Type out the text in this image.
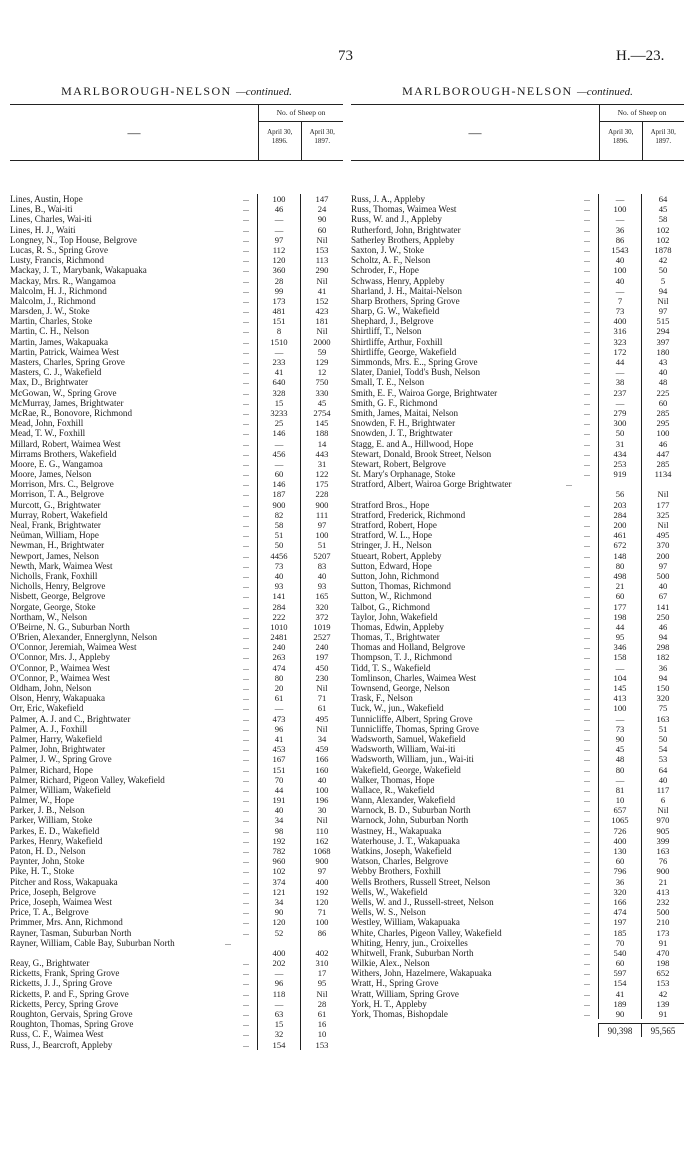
73	H.—23.
MARLBOROUGH-NELSON —continued.
—
No. of Sheep on
April 30, 1896.
April 30, 1897.
Lines, Austin, Hope	...	100	147
Lines, B., Wai-iti	...	46	24
Lines, Charles, Wai-iti	...	—	90
Lines, H. J., Waiti	...	—	60
Longney, N., Top House, Belgrove	...	97	Nil
Lucas, R. S., Spring Grove	...	112	153
Lusty, Francis, Richmond	...	120	113
Mackay, J. T., Marybank, Wakapuaka	...	360	290
Mackay, Mrs. R., Wangamoa	...	28	Nil
Malcolm, H. J., Richmond	...	99	41
Malcolm, J., Richmond	...	173	152
Marsden, J. W., Stoke	...	481	423
Martin, Charles, Stoke	...	151	181
Martin, C. H., Nelson	...	8	Nil
Martin, James, Wakapuaka	...	1510	2000
Martin, Patrick, Waimea West	...	—	59
Masters, Charles, Spring Grove	...	233	129
Masters, C. J., Wakefield	...	41	12
Max, D., Brightwater	...	640	750
McGowan, W., Spring Grove	...	328	330
McMurray, James, Brightwater	...	15	45
McRae, R., Bonovore, Richmond	...	3233	2754
Mead, John, Foxhill	...	25	145
Mead, T. W., Foxhill	...	146	188
Millard, Robert, Waimea West	...	—	14
Mirrams Brothers, Wakefield	...	456	443
Moore, E. G., Wangamoa	...	—	31
Moore, James, Nelson	...	60	122
Morrison, Mrs. C., Belgrove	...	146	175
Morrison, T. A., Belgrove	...	187	228
Murcott, G., Brightwater	...	900	900
Murray, Robert, Wakefield	...	82	111
Neal, Frank, Brightwater	...	58	97
Neüman, William, Hope	...	51	100
Newman, H., Brightwater	...	50	51
Newport, James, Nelson	...	4456	5207
Newth, Mark, Waimea West	...	73	83
Nicholls, Frank, Foxhill	...	40	40
Nicholls, Henry, Belgrove	...	93	93
Nisbett, George, Belgrove	...	141	165
Norgate, George, Stoke	...	284	320
Northam, W., Nelson	...	222	372
O'Beirne, N. G., Suburban North	...	1010	1019
O'Brien, Alexander, Ennerglynn, Nelson	...	2481	2527
O'Connor, Jeremiah, Waimea West	...	240	240
O'Connor, Mrs. J., Appleby	...	263	197
O'Connor, P., Waimea West	...	474	450
O'Connor, P., Waimea West	...	80	230
Oldham, John, Nelson	...	20	Nil
Olson, Henry, Wakapuaka	...	61	71
Orr, Eric, Wakefield	...	—	61
Palmer, A. J. and C., Brightwater	...	473	495
Palmer, A. J., Foxhill	...	96	Nil
Palmer, Harry, Wakefield	...	41	34
Palmer, John, Brightwater	...	453	459
Palmer, J. W., Spring Grove	...	167	166
Palmer, Richard, Hope	...	151	160
Palmer, Richard, Pigeon Valley, Wakefield	...	70	40
Palmer, William, Wakefield	...	44	100
Palmer, W., Hope	...	191	196
Parker, J. B., Nelson	...	40	30
Parker, William, Stoke	...	34	Nil
Parkes, E. D., Wakefield	...	98	110
Parkes, Henry, Wakefield	...	192	162
Paton, H. D., Nelson	...	782	1068
Paynter, John, Stoke	...	960	900
Pike, H. T., Stoke	...	102	97
Pitcher and Ross, Wakapuaka	...	374	400
Price, Joseph, Belgrove	...	121	192
Price, Joseph, Waimea West	...	34	120
Price, T. A., Belgrove	...	90	71
Primmer, Mrs. Ann, Richmond	...	120	100
Rayner, Tasman, Suburban North	...	52	86
Rayner, William, Cable Bay, Suburban North	...
400	402
Reay, G., Brightwater	...	202	310
Ricketts, Frank, Spring Grove	...	—	17
Ricketts, J. J., Spring Grove	...	96	95
Ricketts, P. and F., Spring Grove	...	118	Nil
Ricketts, Percy, Spring Grove	...	—	28
Roughton, Gervais, Spring Grove	...	63	61
Roughton, Thomas, Spring Grove	...	15	16
Russ, C. F., Waimea West	...	32	10
Russ, J., Bearcroft, Appleby	...	154	153
MARLBOROUGH-NELSON —continued.
—
No. of Sheep on
April 30, 1896.
April 30, 1897.
Russ, J. A., Appleby	...	—	64
Russ, Thomas, Waimea West	...	100	45
Russ, W. and J., Appleby	...	—	58
Rutherford, John, Brightwater	...	36	102
Satherley Brothers, Appleby	...	86	102
Saxton, J. W., Stoke	...	1543	1878
Scholtz, A. F., Nelson	...	40	42
Schroder, F., Hope	...	100	50
Schwass, Henry, Appleby	...	40	5
Sharland, J. H., Maitai-Nelson	...	—	94
Sharp Brothers, Spring Grove	...	7	Nil
Sharp, G. W., Wakefield	...	73	97
Shephard, J., Belgrove	...	400	515
Shirtliff, T., Nelson	...	316	294
Shirtliffe, Arthur, Foxhill	...	323	397
Shirtliffe, George, Wakefield	...	172	180
Simmonds, Mrs. E.., Spring Grove	...	44	43
Slater, Daniel, Todd's Bush, Nelson	...	—	40
Small, T. E., Nelson	...	38	48
Smith, E. F., Wairoa Gorge, Brightwater	...	237	225
Smith, G. F., Richmond	...	—	60
Smith, James, Maitai, Nelson	...	279	285
Snowden, F. H., Brightwater	...	300	295
Snowden, J. T., Brightwater	...	50	100
Stagg, E. and A., Hillwood, Hope	...	31	46
Stewart, Donald, Brook Street, Nelson	...	434	447
Stewart, Robert, Belgrove	...	253	285
St. Mary's Orphanage, Stoke	...	919	1134
Stratford, Albert, Wairoa Gorge Brightwater	...
56	Nil
Stratford Bros., Hope	...	203	177
Stratford, Frederick, Richmond	...	284	325
Stratford, Robert, Hope	...	200	Nil
Stratford, W. L., Hope	...	461	495
Stringer, J. H., Nelson	...	672	370
Stueart, Robert, Appleby	...	148	200
Sutton, Edward, Hope	...	80	97
Sutton, John, Richmond	...	498	500
Sutton, Thomas, Richmond	...	21	40
Sutton, W., Richmond	...	60	67
Talbot, G., Richmond	...	177	141
Taylor, John, Wakefield	...	198	250
Thomas, Edwin, Appleby	...	44	46
Thomas, T., Brightwater	...	95	94
Thomas and Holland, Belgrove	...	346	298
Thompson, T. J., Richmond	...	158	182
Tidd, T. S., Wakefield	...	—	36
Tomlinson, Charles, Waimea West	...	104	94
Townsend, George, Nelson	...	145	150
Trask, F., Nelson	...	413	320
Tuck, W., jun., Wakefield	...	100	75
Tunnicliffe, Albert, Spring Grove	...	—	163
Tunnicliffe, Thomas, Spring Grove	...	73	51
Wadsworth, Samuel, Wakefield	...	90	50
Wadsworth, William, Wai-iti	...	45	54
Wadsworth, William, jun., Wai-iti	...	48	53
Wakefield, George, Wakefield	...	80	64
Walker, Thomas, Hope	...	—	40
Wallace, R., Wakefield	...	81	117
Wann, Alexander, Wakefield	...	10	6
Warnock, B. D., Suburban North	...	657	Nil
Warnock, John, Suburban North	...	1065	970
Wastney, H., Wakapuaka	...	726	905
Waterhouse, J. T., Wakapuaka	...	400	399
Watkins, Joseph, Wakefield	...	130	163
Watson, Charles, Belgrove	...	60	76
Webby Brothers, Foxhill	...	796	900
Wells Brothers, Russell Street, Nelson	...	36	21
Wells, W., Wakefield	...	320	413
Wells, W. and J., Russell-street, Nelson	...	166	232
Wells, W. S., Nelson	...	474	500
Westley, William, Wakapuaka	...	197	210
White, Charles, Pigeon Valley, Wakefield	...	185	173
Whiting, Henry, jun., Croixelles	...	70	91
Whitwell, Frank, Suburban North	...	540	470
Wilkie, Alex., Nelson	...	60	198
Withers, John, Hazelmere, Wakapuaka	...	597	652
Wratt, H., Spring Grove	...	154	153
Wratt, William, Spring Grove	...	41	42
York, H. T., Appleby	...	189	139
York, Thomas, Bishopdale	...	90	91
90,398	95,565
